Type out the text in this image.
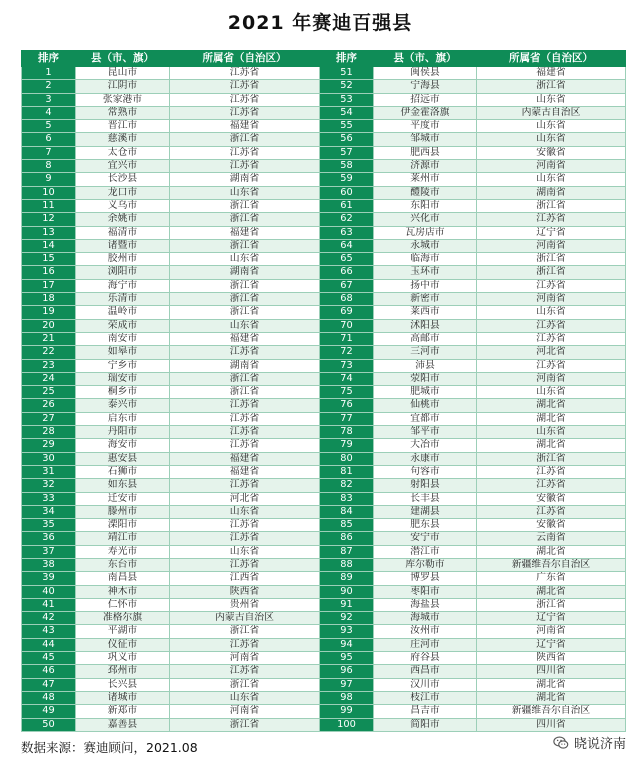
2021 年赛迪百强县
排序	县（市、旗）	所属省（自治区）	排序	县（市、旗）	所属省（自治区）
1	昆山市	江苏省	51	闽侯县	福建省
2	江阴市	江苏省	52	宁海县	浙江省
3	张家港市	江苏省	53	招远市	山东省
4	常熟市	江苏省	54	伊金霍洛旗	内蒙古自治区
5	晋江市	福建省	55	平度市	山东省
6	慈溪市	浙江省	56	邹城市	山东省
7	太仓市	江苏省	57	肥西县	安徽省
8	宜兴市	江苏省	58	济源市	河南省
9	长沙县	湖南省	59	莱州市	山东省
10	龙口市	山东省	60	醴陵市	湖南省
11	义乌市	浙江省	61	东阳市	浙江省
12	余姚市	浙江省	62	兴化市	江苏省
13	福清市	福建省	63	瓦房店市	辽宁省
14	诸暨市	浙江省	64	永城市	河南省
15	胶州市	山东省	65	临海市	浙江省
16	浏阳市	湖南省	66	玉环市	浙江省
17	海宁市	浙江省	67	扬中市	江苏省
18	乐清市	浙江省	68	新密市	河南省
19	温岭市	浙江省	69	莱西市	山东省
20	荣成市	山东省	70	沭阳县	江苏省
21	南安市	福建省	71	高邮市	江苏省
22	如皋市	江苏省	72	三河市	河北省
23	宁乡市	湖南省	73	沛县	江苏省
24	瑞安市	浙江省	74	荥阳市	河南省
25	桐乡市	浙江省	75	肥城市	山东省
26	泰兴市	江苏省	76	仙桃市	湖北省
27	启东市	江苏省	77	宜都市	湖北省
28	丹阳市	江苏省	78	邹平市	山东省
29	海安市	江苏省	79	大冶市	湖北省
30	惠安县	福建省	80	永康市	浙江省
31	石狮市	福建省	81	句容市	江苏省
32	如东县	江苏省	82	射阳县	江苏省
33	迁安市	河北省	83	长丰县	安徽省
34	滕州市	山东省	84	建湖县	江苏省
35	溧阳市	江苏省	85	肥东县	安徽省
36	靖江市	江苏省	86	安宁市	云南省
37	寿光市	山东省	87	潜江市	湖北省
38	东台市	江苏省	88	库尔勒市	新疆维吾尔自治区
39	南昌县	江西省	89	博罗县	广东省
40	神木市	陕西省	90	枣阳市	湖北省
41	仁怀市	贵州省	91	海盐县	浙江省
42	准格尔旗	内蒙古自治区	92	海城市	辽宁省
43	平湖市	浙江省	93	汝州市	河南省
44	仪征市	江苏省	94	庄河市	辽宁省
45	巩义市	河南省	95	府谷县	陕西省
46	邳州市	江苏省	96	西昌市	四川省
47	长兴县	浙江省	97	汉川市	湖北省
48	诸城市	山东省	98	枝江市	湖北省
49	新郑市	河南省	99	昌吉市	新疆维吾尔自治区
50	嘉善县	浙江省	100	简阳市	四川省
数据来源：赛迪顾问，2021.08	晓说济南
